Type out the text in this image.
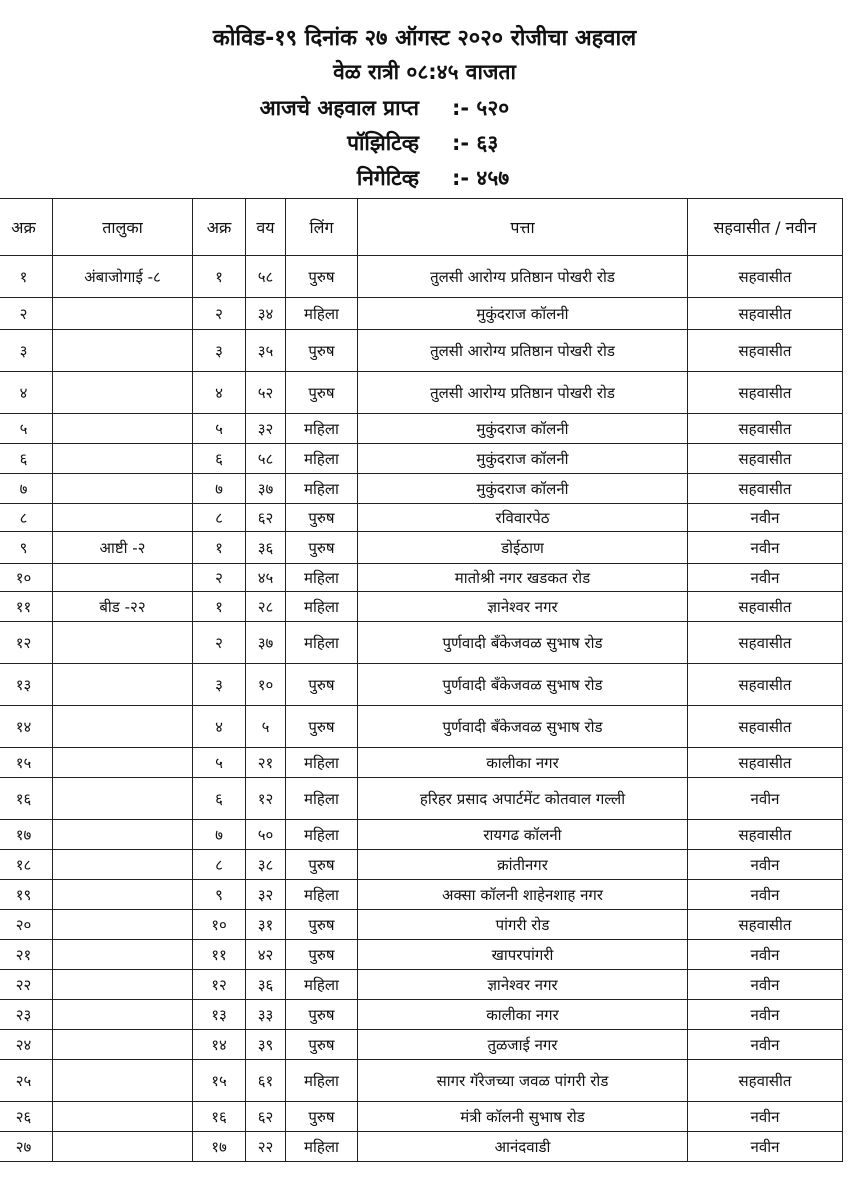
कोविड-१९ दिनांक २७ ऑगस्ट २०२० रोजीचा अहवाल
वेळ रात्री ०८:४५ वाजता
आजचे अहवाल प्राप्त :- ५२०
पॉझिटिव्ह :- ६३
निगेटिव्ह :- ४५७
अक्र	तालुका	अक्र	वय	लिंग	पत्ता	सहवासीत / नवीन
१	अंबाजोगाई -८	१	५८	पुरुष	तुलसी आरोग्य प्रतिष्ठान पोखरी रोड	सहवासीत
२		२	३४	महिला	मुकुंदराज कॉलनी	सहवासीत
३		३	३५	पुरुष	तुलसी आरोग्य प्रतिष्ठान पोखरी रोड	सहवासीत
४		४	५२	पुरुष	तुलसी आरोग्य प्रतिष्ठान पोखरी रोड	सहवासीत
५		५	३२	महिला	मुकुंदराज कॉलनी	सहवासीत
६		६	५८	महिला	मुकुंदराज कॉलनी	सहवासीत
७		७	३७	महिला	मुकुंदराज कॉलनी	सहवासीत
८		८	६२	पुरुष	रविवारपेठ	नवीन
९	आष्टी -२	१	३६	पुरुष	डोईठाण	नवीन
१०		२	४५	महिला	मातोश्री नगर खडकत रोड	नवीन
११	बीड -२२	१	२८	महिला	ज्ञानेश्वर नगर	सहवासीत
१२		२	३७	महिला	पुर्णवादी बॅंकेजवळ सुभाष रोड	सहवासीत
१३		३	१०	पुरुष	पुर्णवादी बॅंकेजवळ सुभाष रोड	सहवासीत
१४		४	५	पुरुष	पुर्णवादी बॅंकेजवळ सुभाष रोड	सहवासीत
१५		५	२१	महिला	कालीका नगर	सहवासीत
१६		६	१२	महिला	हरिहर प्रसाद अपार्टमेंट कोतवाल गल्ली	नवीन
१७		७	५०	महिला	रायगढ कॉलनी	सहवासीत
१८		८	३८	पुरुष	क्रांतीनगर	नवीन
१९		९	३२	महिला	अक्सा कॉलनी शाहेनशाह नगर	नवीन
२०		१०	३१	पुरुष	पांगरी रोड	सहवासीत
२१		११	४२	पुरुष	खापरपांगरी	नवीन
२२		१२	३६	महिला	ज्ञानेश्वर नगर	नवीन
२३		१३	३३	पुरुष	कालीका नगर	नवीन
२४		१४	३९	पुरुष	तुळजाई नगर	नवीन
२५		१५	६१	महिला	सागर गॅरेजच्या जवळ पांगरी रोड	सहवासीत
२६		१६	६२	पुरुष	मंत्री कॉलनी सुभाष रोड	नवीन
२७		१७	२२	महिला	आनंदवाडी	नवीन
